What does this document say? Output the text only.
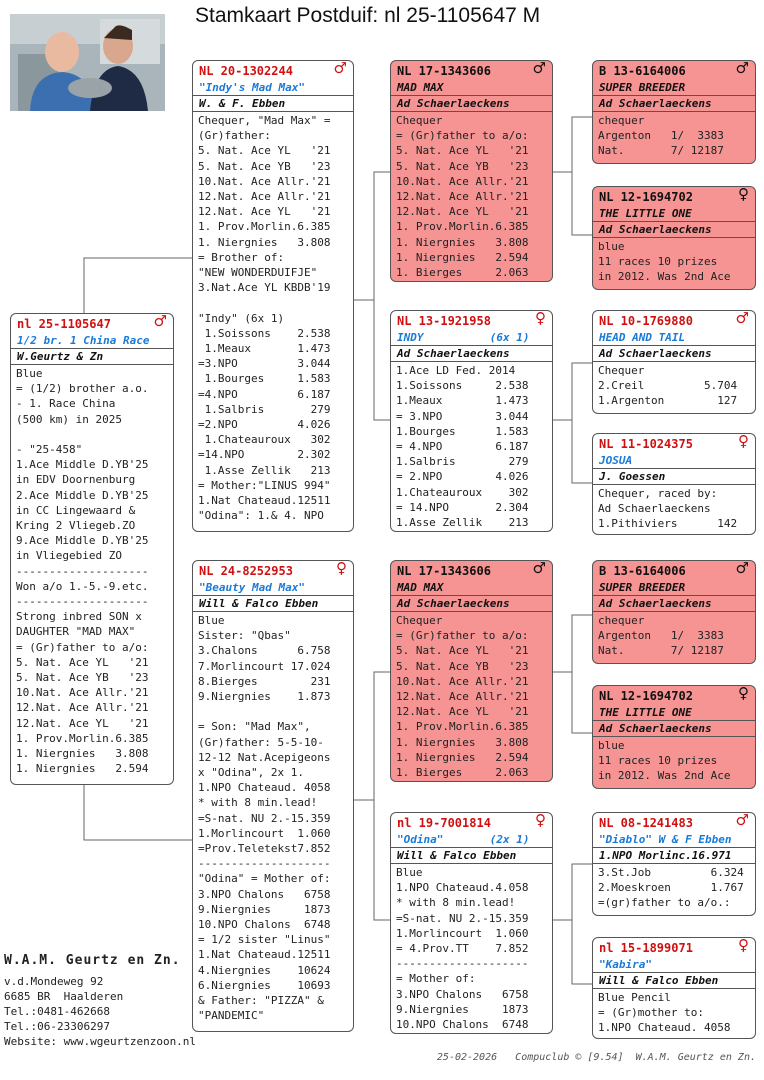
Stamkaart Postduif: nl 25-1105647 M
nl 25-1105647	♂
1/2 br. 1 China Race
W.Geurtz & Zn
Blue
= (1/2) brother a.o.
- 1. Race China
(500 km) in 2025

- "25-458"
1.Ace Middle D.YB'25
in EDV Doornenburg
2.Ace Middle D.YB'25
in CC Lingewaard &
Kring 2 Vliegeb.ZO
9.Ace Middle D.YB'25
in Vliegebied ZO
--------------------
Won a/o 1.-5.-9.etc.
--------------------
Strong inbred SON x
DAUGHTER "MAD MAX"
= (Gr)father to a/o:
5. Nat. Ace YL   '21
5. Nat. Ace YB   '23
10.Nat. Ace Allr.'21
12.Nat. Ace Allr.'21
12.Nat. Ace YL   '21
1. Prov.Morlin.6.385
1. Niergnies   3.808
1. Niergnies   2.594
NL 20-1302244	♂
"Indy's Mad Max"
W. & F. Ebben
Chequer, "Mad Max" =
(Gr)father:
5. Nat. Ace YL   '21
5. Nat. Ace YB   '23
10.Nat. Ace Allr.'21
12.Nat. Ace Allr.'21
12.Nat. Ace YL   '21
1. Prov.Morlin.6.385
1. Niergnies   3.808
= Brother of:
"NEW WONDERDUIFJE"
3.Nat.Ace YL KBDB'19

"Indy" (6x 1)
1.Soissons    2.538
1.Meaux       1.473
=3.NPO         3.044
1.Bourges     1.583
=4.NPO         6.187
1.Salbris       279
=2.NPO         4.026
1.Chateauroux   302
=14.NPO        2.302
1.Asse Zellik   213
= Mother:"LINUS 994"
1.Nat Chateaud.12511
"Odina": 1.& 4. NPO
NL 24-8252953	♀
"Beauty Mad Max"
Will & Falco Ebben
Blue
Sister: "Qbas"
3.Chalons      6.758
7.Morlincourt 17.024
8.Bierges        231
9.Niergnies    1.873

= Son: "Mad Max",
(Gr)father: 5-5-10-
12-12 Nat.Acepigeons
x "Odina", 2x 1.
1.NPO Chateaud. 4058
* with 8 min.lead!
=S-nat. NU 2.-15.359
1.Morlincourt  1.060
=Prov.Teletekst7.852
--------------------
"Odina" = Mother of:
3.NPO Chalons   6758
9.Niergnies     1873
10.NPO Chalons  6748
= 1/2 sister "Linus"
1.Nat Chateaud.12511
4.Niergnies    10624
6.Niergnies    10693
& Father: "PIZZA" &
"PANDEMIC"
NL 17-1343606	♂
MAD MAX
Ad Schaerlaeckens
Chequer
= (Gr)father to a/o:
5. Nat. Ace YL   '21
5. Nat. Ace YB   '23
10.Nat. Ace Allr.'21
12.Nat. Ace Allr.'21
12.Nat. Ace YL   '21
1. Prov.Morlin.6.385
1. Niergnies   3.808
1. Niergnies   2.594
1. Bierges     2.063
NL 13-1921958	♀
INDY          (6x 1)
Ad Schaerlaeckens
1.Ace LD Fed. 2014
1.Soissons     2.538
1.Meaux        1.473
= 3.NPO        3.044
1.Bourges      1.583
= 4.NPO        6.187
1.Salbris        279
= 2.NPO        4.026
1.Chateauroux    302
= 14.NPO       2.304
1.Asse Zellik    213
NL 17-1343606	♂
MAD MAX
Ad Schaerlaeckens
Chequer
= (Gr)father to a/o:
5. Nat. Ace YL   '21
5. Nat. Ace YB   '23
10.Nat. Ace Allr.'21
12.Nat. Ace Allr.'21
12.Nat. Ace YL   '21
1. Prov.Morlin.6.385
1. Niergnies   3.808
1. Niergnies   2.594
1. Bierges     2.063
nl 19-7001814	♀
"Odina"       (2x 1)
Will & Falco Ebben
Blue
1.NPO Chateaud.4.058
* with 8 min.lead!
=S-nat. NU 2.-15.359
1.Morlincourt  1.060
= 4.Prov.TT    7.852
--------------------
= Mother of:
3.NPO Chalons   6758
9.Niergnies     1873
10.NPO Chalons  6748
B 13-6164006	♂
SUPER BREEDER
Ad Schaerlaeckens
chequer
Argenton   1/  3383
Nat.       7/ 12187
NL 12-1694702	♀
THE LITTLE ONE
Ad Schaerlaeckens
blue
11 races 10 prizes
in 2012. Was 2nd Ace
NL 10-1769880	♂
HEAD AND TAIL
Ad Schaerlaeckens
Chequer
2.Creil         5.704
1.Argenton        127
NL 11-1024375	♀
JOSUA
J. Goessen
Chequer, raced by:
Ad Schaerlaeckens
1.Pithiviers      142
B 13-6164006	♂
SUPER BREEDER
Ad Schaerlaeckens
chequer
Argenton   1/  3383
Nat.       7/ 12187
NL 12-1694702	♀
THE LITTLE ONE
Ad Schaerlaeckens
blue
11 races 10 prizes
in 2012. Was 2nd Ace
NL 08-1241483	♂
"Diablo" W & F Ebben
1.NPO Morlinc.16.971
3.St.Job         6.324
2.Moeskroen      1.767
=(gr)father to a/o.:
nl 15-1899071	♀
"Kabira"
Will & Falco Ebben
Blue Pencil
= (Gr)mother to:
1.NPO Chateaud. 4058
W.A.M. Geurtz en Zn.
v.d.Mondeweg 92
6685 BR  Haalderen
Tel.:0481-462668
Tel.:06-23306297
Website: www.wgeurtzenzoon.nl
25-02-2026   Compuclub © [9.54]  W.A.M. Geurtz en Zn.
